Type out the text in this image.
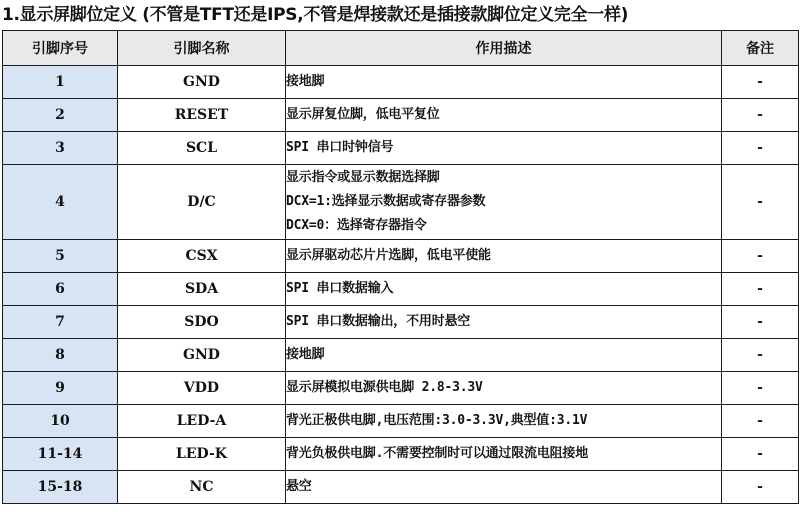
1.显示屏脚位定义 (不管是TFT还是IPS,不管是焊接款还是插接款脚位定义完全一样)
引脚序号	引脚名称	作用描述	备注
1	GND	接地脚	-
2	RESET	显示屏复位脚，低电平复位	-
3	SCL	SPI 串口时钟信号	-
4	D/C	显示指令或显示数据选择脚
DCX=1:选择显示数据或寄存器参数
DCX=0：选择寄存器指令	-
5	CSX	显示屏驱动芯片片选脚，低电平使能	-
6	SDA	SPI 串口数据输入	-
7	SDO	SPI 串口数据输出，不用时悬空	-
8	GND	接地脚	-
9	VDD	显示屏模拟电源供电脚 2.8-3.3V	-
10	LED-A	背光正极供电脚,电压范围:3.0-3.3V,典型值:3.1V	-
11-14	LED-K	背光负极供电脚.不需要控制时可以通过限流电阻接地	-
15-18	NC	悬空	-
